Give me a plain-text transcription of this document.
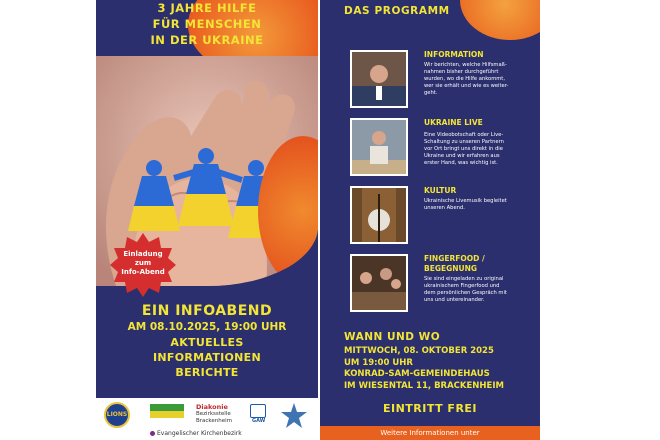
3 JAHRE HILFE
FÜR MENSCHEN
IN DER UKRAINE
Einladung
zum
Info-Abend
EIN INFOABEND
AM 08.10.2025, 19:00 UHR
AKTUELLES
INFORMATIONEN
BERICHTE
LIONS
Diakonie
Bezirksstelle
Brackenheim	GAW
Evangelischer Kirchenbezirk
DAS PROGRAMM
INFORMATION
Wir berichten, welche Hilfsmaß-
nahmen bisher durchgeführt
wurden, wo die Hilfe ankommt,
wer sie erhält und wie es weiter-
geht.
UKRAINE LIVE
Eine Videobotschaft oder Live-
Schaltung zu unseren Partnern
vor Ort bringt uns direkt in die
Ukraine und wir erfahren aus
erster Hand, was wichtig ist.
KULTUR
Ukrainische Livemusik begleitet
unseren Abend.
FINGERFOOD /
BEGEGNUNG
Sie sind eingeladen zu original
ukrainischem Fingerfood und
dem persönlichen Gespräch mit
uns und untereinander.
WANN UND WO
MITTWOCH, 08. OKTOBER 2025
UM 19:00 UHR
KONRAD-SAM-GEMEINDEHAUS
IM WIESENTAL 11, BRACKENHEIM
EINTRITT FREI
Weitere Informationen unter
